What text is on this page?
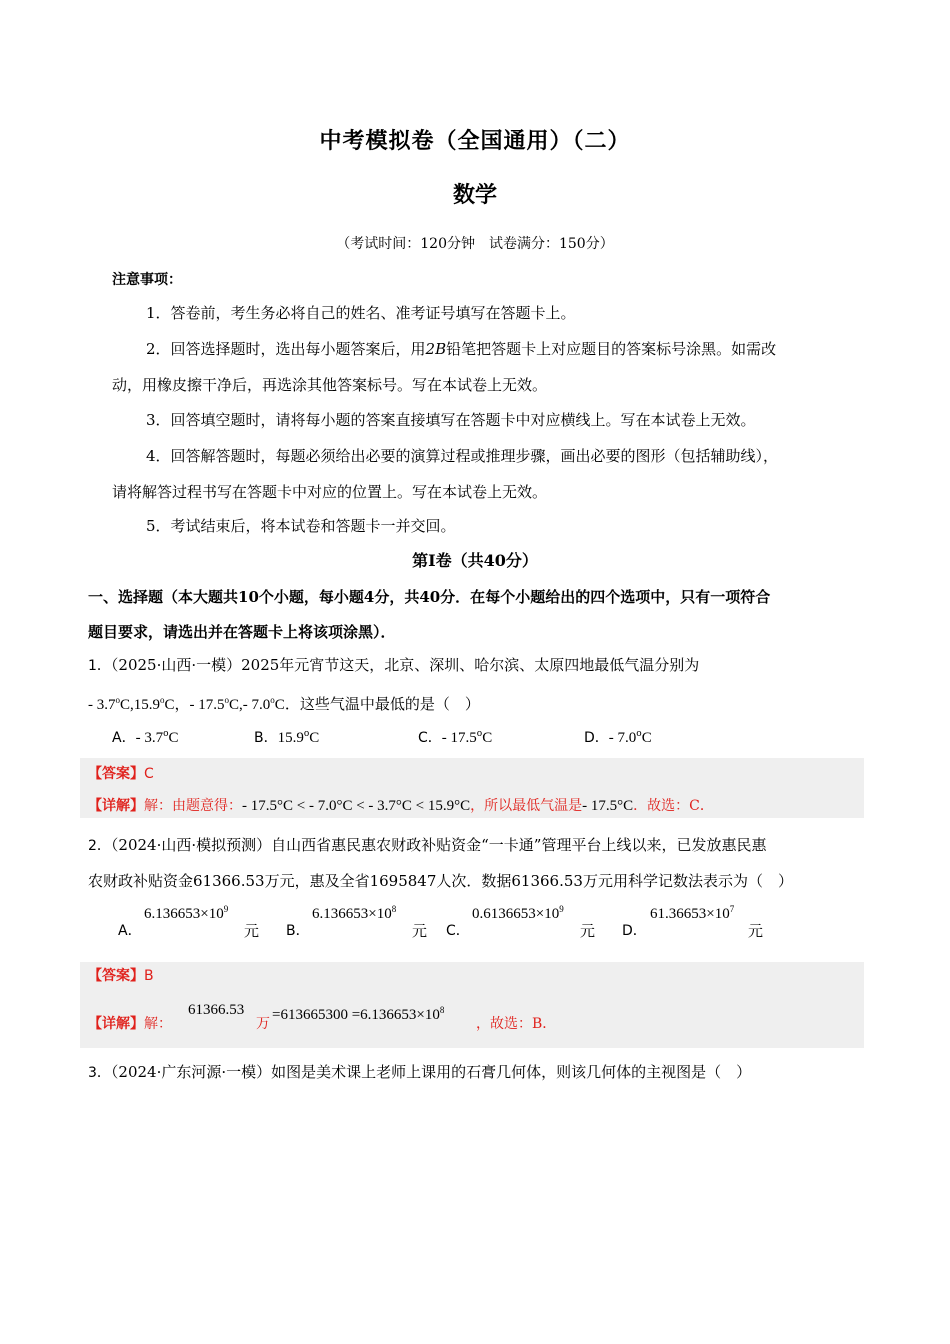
中考模拟卷（全国通用）（二）
数学
（考试时间：120分钟　试卷满分：150分）
注意事项：
1．答卷前，考生务必将自己的姓名、准考证号填写在答题卡上。
2．回答选择题时，选出每小题答案后，用2B铅笔把答题卡上对应题目的答案标号涂黑。如需改
动，用橡皮擦干净后，再选涂其他答案标号。写在本试卷上无效。
3．回答填空题时，请将每小题的答案直接填写在答题卡中对应横线上。写在本试卷上无效。
4．回答解答题时，每题必须给出必要的演算过程或推理步骤，画出必要的图形（包括辅助线），
请将解答过程书写在答题卡中对应的位置上。写在本试卷上无效。
5．考试结束后，将本试卷和答题卡一并交回。
第Ⅰ卷（共40分）
一、选择题（本大题共10个小题，每小题4分，共40分．在每个小题给出的四个选项中，只有一项符合
题目要求，请选出并在答题卡上将该项涂黑）．
1．（2025·山西·一模）2025年元宵节这天，北京、深圳、哈尔滨、太原四地最低气温分别为
- 3.7$^o$C,15.9$^o$C，- 17.5$^o$C,- 7.0$^o$C．这些气温中最低的是（　）
A．- 3.7$^o$C	B．15.9$^o$C	C．- 17.5$^o$C	D．- 7.0$^o$C
【答案】C
【详解】解：由题意得：- 17.5°C < - 7.0°C < - 3.7°C < 15.9°C，所以最低气温是- 17.5°C．故选：C．
2．（2024·山西·模拟预测）自山西省惠民惠农财政补贴资金“一卡通”管理平台上线以来，已发放惠民惠
农财政补贴资金61366.53万元，惠及全省1695847人次．数据61366.53万元用科学记数法表示为（　）
A．
$6.136653\times 10^9$
元 B．
$6.136653\times 10^8$
元 C．
$0.6136653\times 10^9$
元 D．
$61.36653\times 10^7$
元
【答案】B
【详解】解：
61366.53
万
$=613665300 =6.136653\times 10^8$
，故选：B．
3．（2024·广东河源·一模）如图是美术课上老师上课用的石膏几何体，则该几何体的主视图是（　）
